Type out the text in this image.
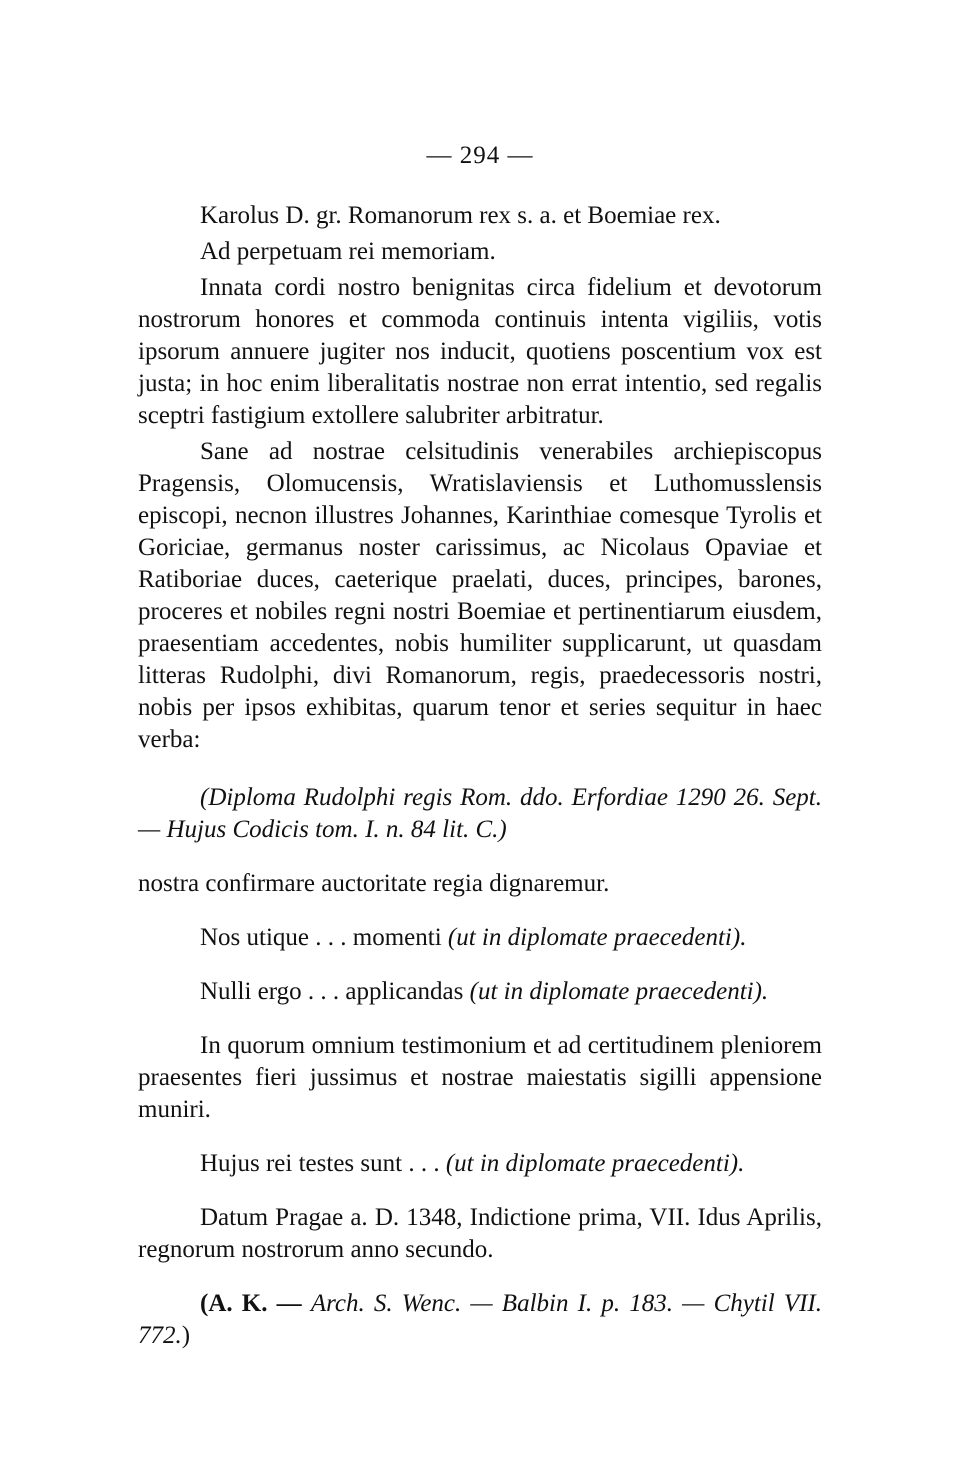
— 294 —

Karolus D. gr. Romanorum rex s. a. et Boemiae rex.

Ad perpetuam rei memoriam.

Innata cordi nostro benignitas circa fidelium et devotorum nostrorum honores et commoda continuis intenta vigiliis, votis ipsorum annuere jugiter nos inducit, quotiens poscentium vox est justa; in hoc enim liberalitatis nostrae non errat intentio, sed regalis sceptri fastigium extollere salubriter arbitratur.

Sane ad nostrae celsitudinis venerabiles archiepiscopus Pragensis, Olomucensis, Wratislaviensis et Luthomusslensis episcopi, necnon illustres Johannes, Karinthiae comesque Tyrolis et Goriciae, germanus noster carissimus, ac Nicolaus Opaviae et Ratiboriae duces, caeterique praelati, duces, principes, barones, proceres et nobiles regni nostri Boemiae et pertinentiarum eiusdem, praesentiam accedentes, nobis humiliter supplicarunt, ut quasdam litteras Rudolphi, divi Romanorum, regis, praedecessoris nostri, nobis per ipsos exhibitas, quarum tenor et series sequitur in haec verba:

(Diploma Rudolphi regis Rom. ddo. Erfordiae 1290 26. Sept. — Hujus Codicis tom. I. n. 84 lit. C.)

nostra confirmare auctoritate regia dignaremur.

Nos utique . . . momenti (ut in diplomate praecedenti).

Nulli ergo . . . applicandas (ut in diplomate praecedenti).

In quorum omnium testimonium et ad certitudinem pleniorem praesentes fieri jussimus et nostrae maiestatis sigilli appensione muniri.

Hujus rei testes sunt . . . (ut in diplomate praecedenti).

Datum Pragae a. D. 1348, Indictione prima, VII. Idus Aprilis, regnorum nostrorum anno secundo.

(A. K. — Arch. S. Wenc. — Balbin I. p. 183. — Chytil VII. 772.)
